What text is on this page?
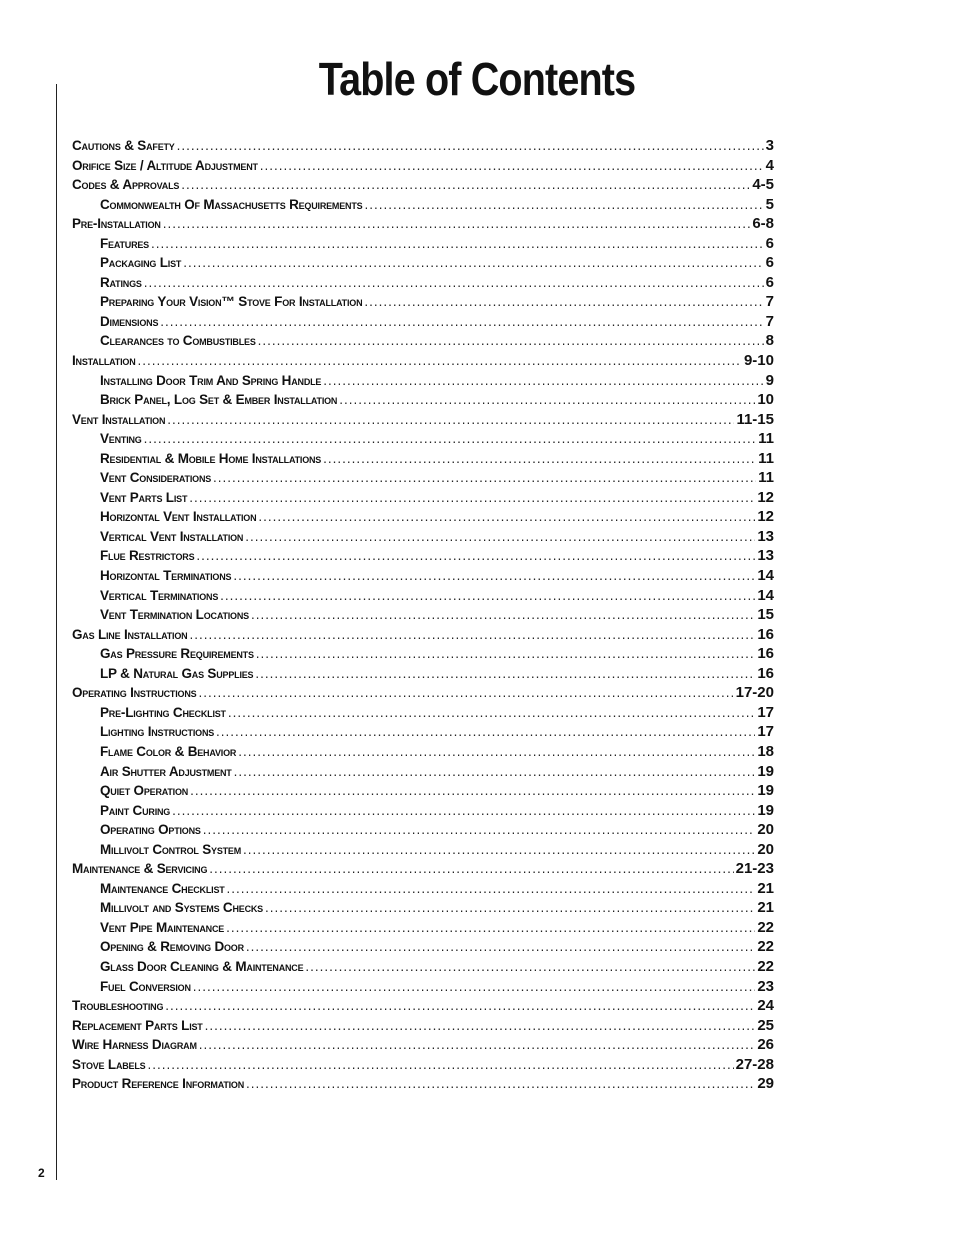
Table of Contents
Cautions & Safety .....	3
Orifice Size / Altitude Adjustment .....	4
Codes & Approvals .....	4-5
Commonwealth Of Massachusetts Requirements .....	5
Pre-Installation .....	6-8
Features .....	6
Packaging List .....	6
Ratings .....	6
Preparing Your Vision™ Stove For Installation .....	7
Dimensions .....	7
Clearances to Combustibles .....	8
Installation .....	9-10
Installing Door Trim And Spring Handle .....	9
Brick Panel, Log Set & Ember Installation .....	10
Vent Installation .....	11-15
Venting .....	11
Residential & Mobile Home Installations .....	11
Vent Considerations .....	11
Vent Parts List .....	12
Horizontal Vent Installation .....	12
Vertical Vent Installation .....	13
Flue Restrictors .....	13
Horizontal Terminations .....	14
Vertical Terminations .....	14
Vent Termination Locations .....	15
Gas Line Installation .....	16
Gas Pressure Requirements .....	16
LP & Natural Gas Supplies .....	16
Operating Instructions .....	17-20
Pre-Lighting Checklist .....	17
Lighting Instructions .....	17
Flame Color & Behavior .....	18
Air Shutter Adjustment .....	19
Quiet Operation .....	19
Paint Curing .....	19
Operating Options .....	20
Millivolt Control System .....	20
Maintenance & Servicing .....	21-23
Maintenance Checklist .....	21
Millivolt and Systems Checks .....	21
Vent Pipe Maintenance .....	22
Opening & Removing Door .....	22
Glass Door Cleaning & Maintenance .....	22
Fuel Conversion .....	23
Troubleshooting .....	24
Replacement Parts List .....	25
Wire Harness Diagram .....	26
Stove Labels .....	27-28
Product Reference Information .....	29
2
